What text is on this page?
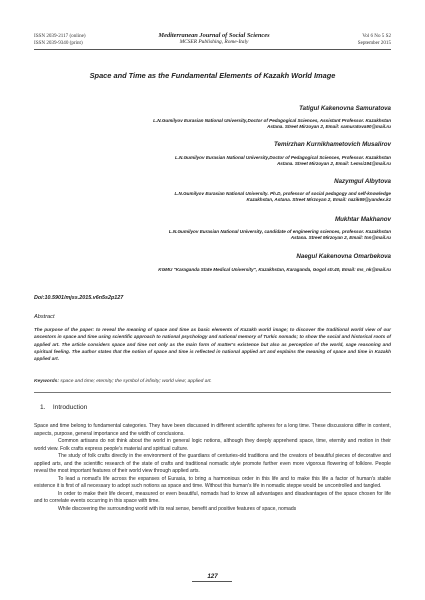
ISSN 2039-2117 (online)
ISSN 2039-9340 (print)
Mediterranean Journal of Social Sciences
MCSER Publishing, Rome-Italy
Vol 6 No 5 S2
September 2015
Space and Time as the Fundamental Elements of Kazakh World Image
Tatigul Kakenovna Samuratova
L.N.Gumilyov Eurasian National University,Doctor of Pedagogical Sciences, Assistant Professor. Kazakhstan
Astana. Street Mirzoyan 2, Email: samuratova90@mail.ru
Temirzhan Kurnikhametovich Musalirov
L.N.Gumilyov Eurasian National University,Doctor of Pedagogical Sciences, Professor. Kazakhstan
Astana. Street Mirzoyan 2, Email: t.emsi194@mail.ru
Nazymgul Albytova
L.N.Gumilyov Eurasian National University. Ph.D, professor of social pedagogy and self-knowledge
Kazakhstan, Astana. Street Mirzoyan 2, Email: nazik69@yandex.kz
Mukhtar Makhanov
L.N.Gumilyov Eurasian National University, candidate of engineering sciences, professor. Kazakhstan
Astana. Street Mirzoyan 2, Email: tnn@mail.ru
Naegul Kakenovna Omarbekova
KGMU "Karaganda State Medical University", Kazakhstan, Karaganda, Gogol str.40, Email: ms_nk@mail.ru
Doi:10.5901/mjss.2015.v6n5s2p127
Abstract
The purpose of the paper: to reveal the meaning of space and time as basic elements of Kazakh world image; to discover the traditional world view of our ancestors in space and time using scientific approach to national psychology and national memory of Turkic nomads; to show the social and historical roots of applied art. The article considers space and time not only as the main form of matter's existence but also as perception of the world, sage reasoning and spiritual feeling. The author states that the notion of space and time is reflected in national applied art and explains the meaning of space and time in Kazakh applied art.
Keywords: space and time; eternity; the symbol of infinity; world view; applied art.
1. Introduction

Space and time belong to fundamental categories. They have been discussed in different scientific spheres for a long time. These discussions differ in content, aspects, purpose, general importance and the width of conclusions.

Common artisans do not think about the world in general logic notions, although they deeply apprehend space, time, eternity and motion in their world view. Folk crafts express people's material and spiritual culture.

The study of folk crafts directly in the environment of the guardians of centuries-old traditions and the creators of beautiful pieces of decorative and applied arts, and the scientific research of the state of crafts and traditional nomadic style promote further even more vigorous flowering of folklore. People reveal the most important features of their world view through applied arts.

To lead a nomad's life across the expanses of Eurasia, to bring a harmonious order in this life and to make this life a factor of human's stable existence it is first of all necessary to adopt such notions as space and time. Without this human's life in nomadic steppe would be uncontrolled and tangled.

In order to make their life decent, measured or even beautiful, nomads had to know all advantages and disadvantages of the space chosen for life and to correlate events occurring in this space with time.

While discovering the surrounding world with its real sense, benefit and positive features of space, nomads

127
